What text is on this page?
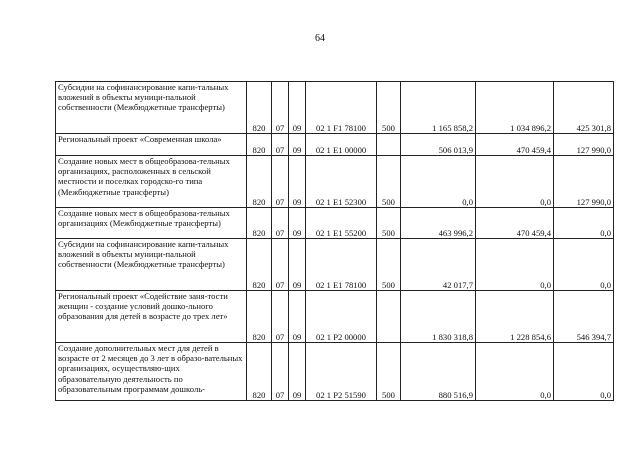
64
Субсидии на софинансирование капи-тальных вложений в объекты муници-пальной собственности (Межбюджетные трансферты)	820	07	09	02 1 F1 78100	500	1 165 858,2	1 034 896,2	425 301,8
Региональный проект «Современная школа»	820	07	09	02 1 E1 00000		506 013,9	470 459,4	127 990,0
Создание новых мест в общеобразова-тельных организациях, расположенных в сельской местности и поселках городско-го типа (Межбюджетные трансферты)	820	07	09	02 1 E1 52300	500	0,0	0,0	127 990,0
Создание новых мест в общеобразова-тельных организациях (Межбюджетные трансферты)	820	07	09	02 1 E1 55200	500	463 996,2	470 459,4	0,0
Субсидии на софинансирование капи-тальных вложений в объекты муници-пальной собственности (Межбюджетные трансферты)	820	07	09	02 1 E1 78100	500	42 017,7	0,0	0,0
Региональный проект «Содействие заня-тости женщин - создание условий дошко-льного образования для детей в возрасте до трех лет»	820	07	09	02 1 P2 00000		1 830 318,8	1 228 854,6	546 394,7
Создание дополнительных мест для детей в возрасте от 2 месяцев до 3 лет в образо-вательных организациях, осуществляю-щих образовательную деятельность по образовательным программам дошколь-	820	07	09	02 1 P2 51590	500	880 516,9	0,0	0,0
